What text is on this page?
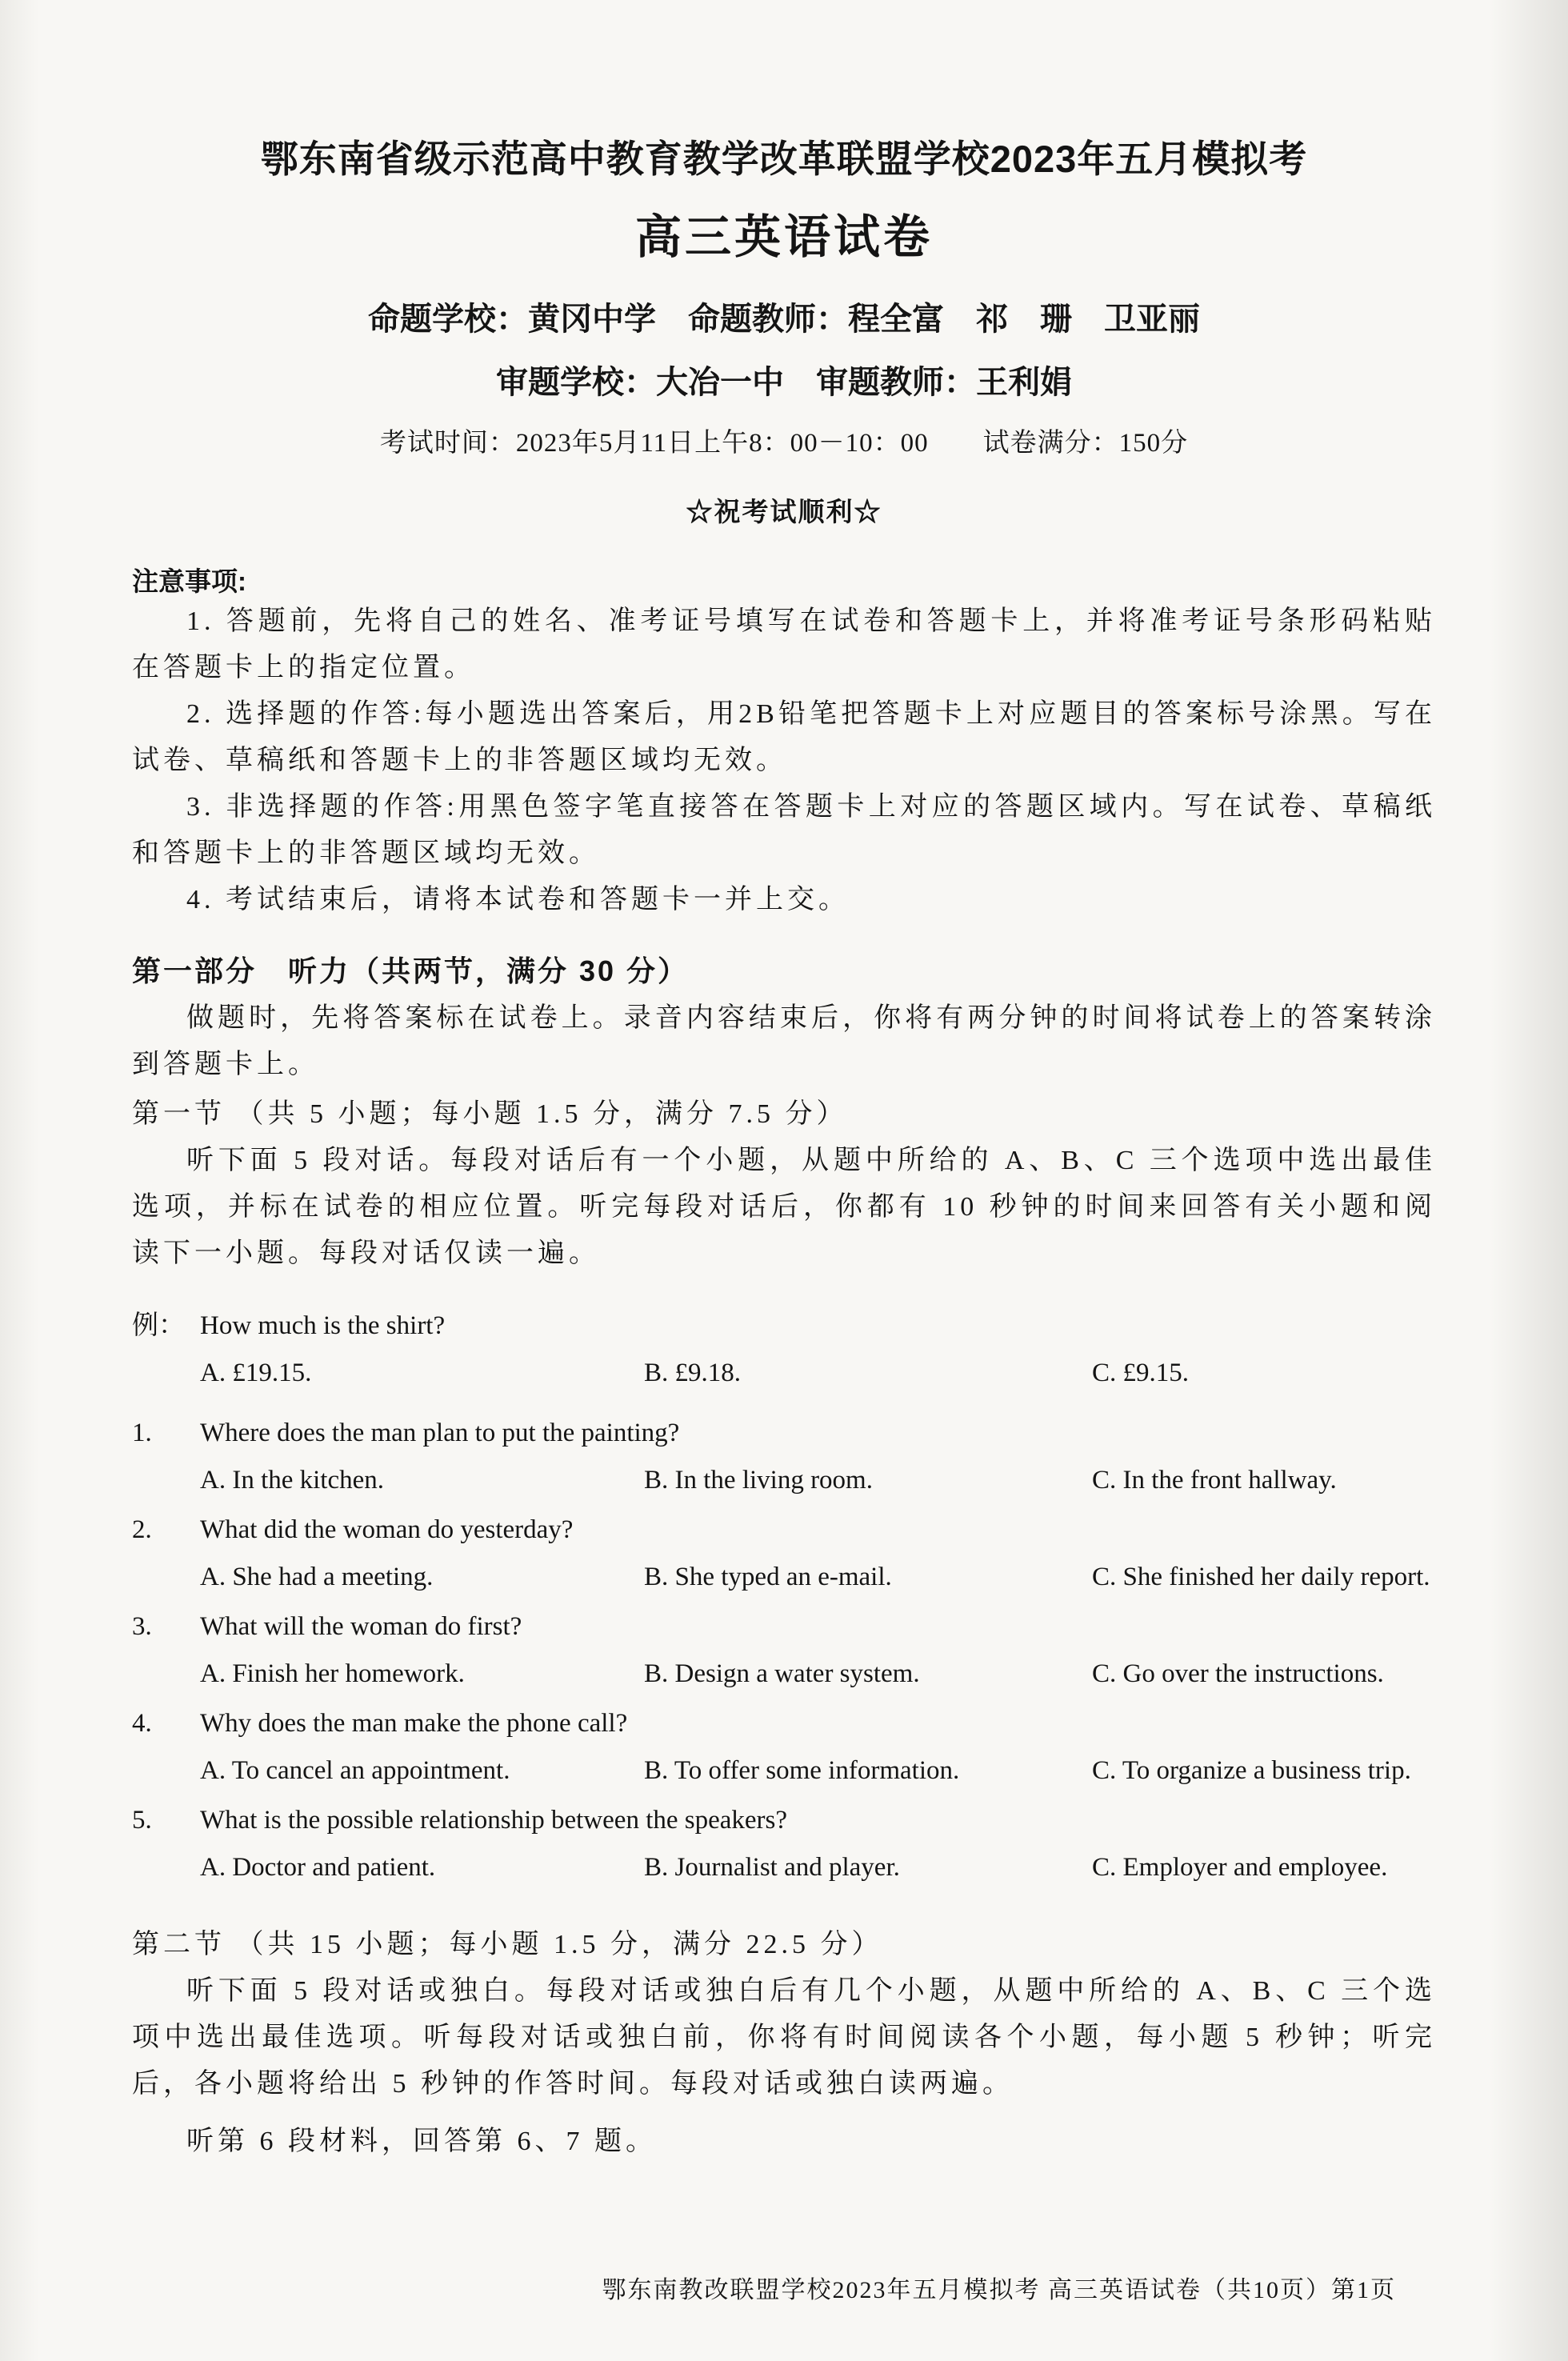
鄂东南省级示范高中教育教学改革联盟学校2023年五月模拟考
高三英语试卷
命题学校：黄冈中学　命题教师：程全富　祁　珊　卫亚丽
审题学校：大冶一中　审题教师：王利娟
考试时间：2023年5月11日上午8：00－10：00　　试卷满分：150分
☆祝考试顺利☆
注意事项:

1. 答题前，先将自己的姓名、准考证号填写在试卷和答题卡上，并将准考证号条形码粘贴在答题卡上的指定位置。

2. 选择题的作答:每小题选出答案后，用2B铅笔把答题卡上对应题目的答案标号涂黑。写在试卷、草稿纸和答题卡上的非答题区域均无效。

3. 非选择题的作答:用黑色签字笔直接答在答题卡上对应的答题区域内。写在试卷、草稿纸和答题卡上的非答题区域均无效。

4. 考试结束后，请将本试卷和答题卡一并上交。

第一部分　听力（共两节，满分 30 分）

做题时，先将答案标在试卷上。录音内容结束后，你将有两分钟的时间将试卷上的答案转涂到答题卡上。

第一节 （共 5 小题；每小题 1.5 分，满分 7.5 分）

听下面 5 段对话。每段对话后有一个小题，从题中所给的 A、B、C 三个选项中选出最佳选项，并标在试卷的相应位置。听完每段对话后，你都有 10 秒钟的时间来回答有关小题和阅读下一小题。每段对话仅读一遍。

例： How much is the shirt?
A. £19.15.	B. £9.18.	C. £9.15.
1.	Where does the man plan to put the painting?
A. In the kitchen.	B. In the living room.	C. In the front hallway.
2.	What did the woman do yesterday?
A. She had a meeting.	B. She typed an e-mail.	C. She finished her daily report.
3.	What will the woman do first?
A. Finish her homework.	B. Design a water system.	C. Go over the instructions.
4.	Why does the man make the phone call?
A. To cancel an appointment.	B. To offer some information.	C. To organize a business trip.
5.	What is the possible relationship between the speakers?
A. Doctor and patient.	B. Journalist and player.	C. Employer and employee.
第二节 （共 15 小题；每小题 1.5 分，满分 22.5 分）

听下面 5 段对话或独白。每段对话或独白后有几个小题，从题中所给的 A、B、C 三个选项中选出最佳选项。听每段对话或独白前，你将有时间阅读各个小题，每小题 5 秒钟；听完后，各小题将给出 5 秒钟的作答时间。每段对话或独白读两遍。

听第 6 段材料，回答第 6、7 题。

鄂东南教改联盟学校2023年五月模拟考 高三英语试卷（共10页）第1页
